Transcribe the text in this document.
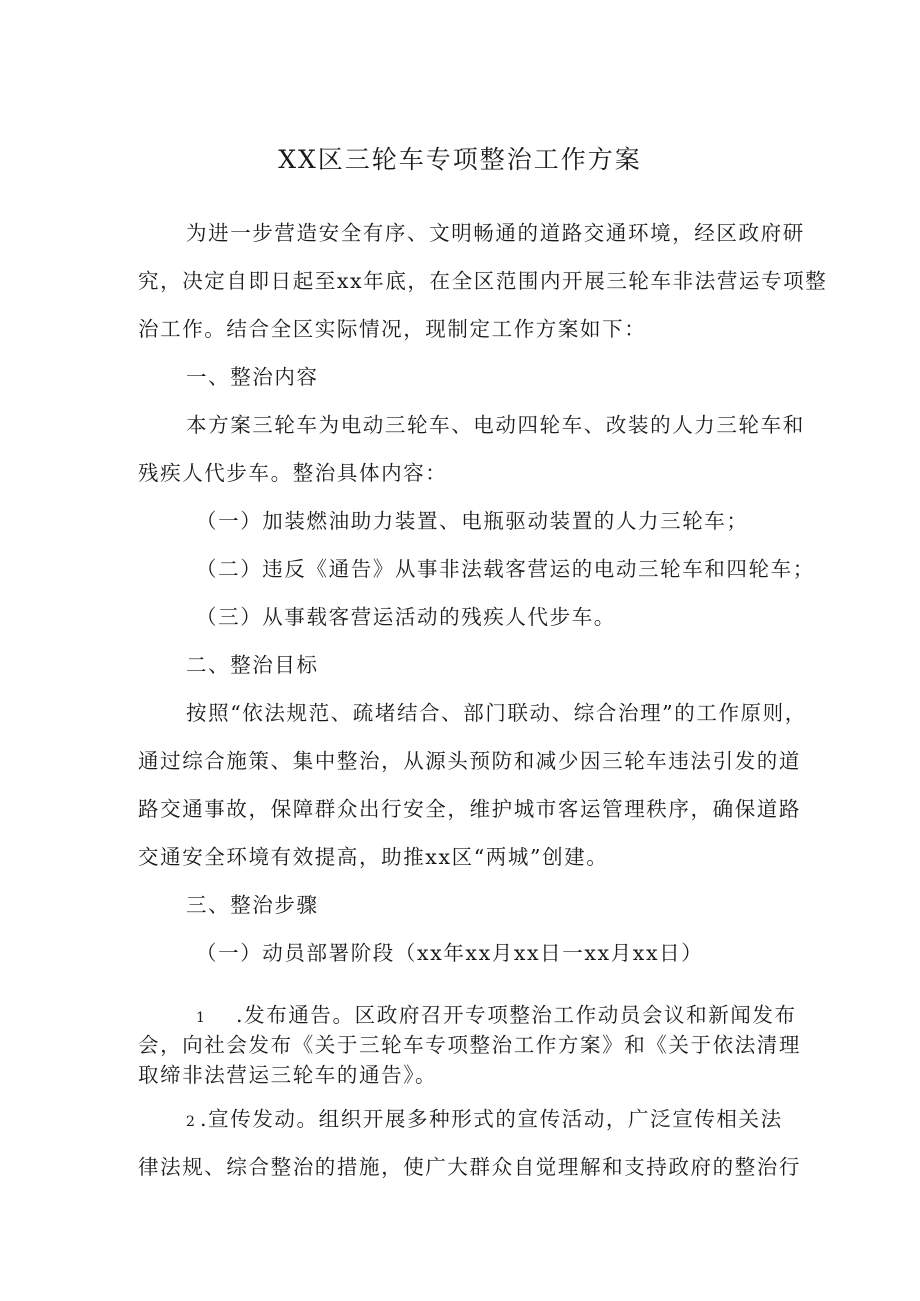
XX区三轮车专项整治工作方案
为进一步营造安全有序、文明畅通的道路交通环境，经区政府研
究，决定自即日起至xx年底，在全区范围内开展三轮车非法营运专项整
治工作。结合全区实际情况，现制定工作方案如下：
一、整治内容
本方案三轮车为电动三轮车、电动四轮车、改装的人力三轮车和
残疾人代步车。整治具体内容：
（一）加装燃油助力装置、电瓶驱动装置的人力三轮车；
（二）违反《通告》从事非法载客营运的电动三轮车和四轮车；
（三）从事载客营运活动的残疾人代步车。
二、整治目标
按照“依法规范、疏堵结合、部门联动、综合治理”的工作原则，
通过综合施策、集中整治，从源头预防和减少因三轮车违法引发的道
路交通事故，保障群众出行安全，维护城市客运管理秩序，确保道路
交通安全环境有效提高，助推xx区“两城”创建。
三、整治步骤
（一）动员部署阶段（xx年xx月xx日一xx月xx日）
1 .发布通告。区政府召开专项整治工作动员会议和新闻发布
会，向社会发布《关于三轮车专项整治工作方案》和《关于依法清理
取缔非法营运三轮车的通告》。
2 .宣传发动。组织开展多种形式的宣传活动，广泛宣传相关法
律法规、综合整治的措施，使广大群众自觉理解和支持政府的整治行
